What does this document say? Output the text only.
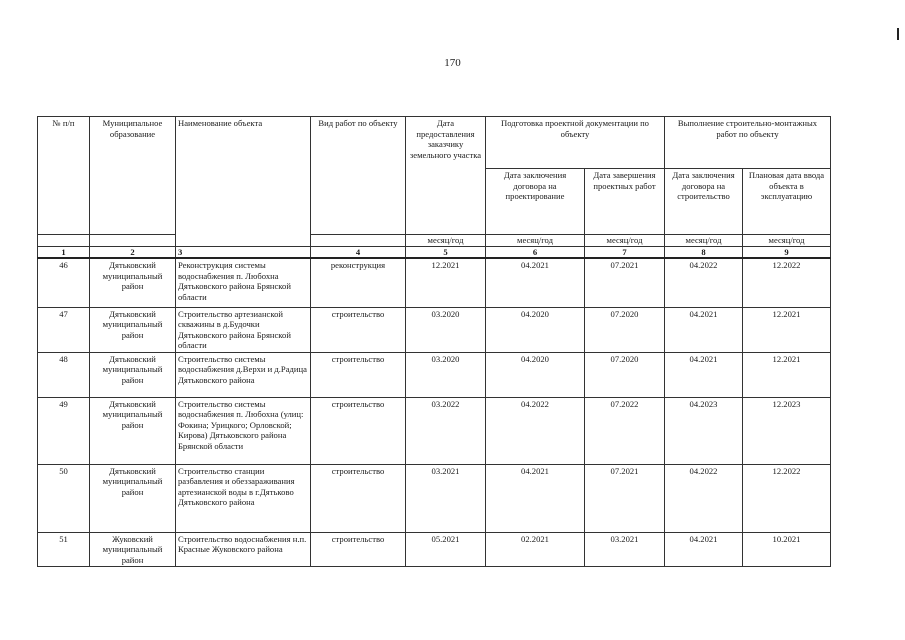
170
№ п/п	Муниципальное образование	Наименование объекта	Вид работ по объекту	Дата предоставления заказчику земельного участка	Подготовка проектной документации по объекту		Выполнение строительно-монтажных работ по объекту	
					Дата заключения договора на проектирование	Дата завершения проектных работ	Дата заключения договора на строительство	Плановая дата ввода объекта в эксплуатацию
				месяц/год	месяц/год	месяц/год	месяц/год	месяц/год
1	2	3	4	5	6	7	8	9
46	Дятьковский муниципальный район	Реконструкция системы водоснабжения п. Любохна Дятьковского района Брянской области	реконструкция	12.2021	04.2021	07.2021	04.2022	12.2022
47	Дятьковский муниципальный район	Строительство артезианской скважины в д.Будочки Дятьковского района Брянской области	строительство	03.2020	04.2020	07.2020	04.2021	12.2021
48	Дятьковский муниципальный район	Строительство системы водоснабжения д.Верхи и д.Радица Дятьковского района	строительство	03.2020	04.2020	07.2020	04.2021	12.2021
49	Дятьковский муниципальный район	Строительство системы водоснабжения п. Любохна (улиц: Фокина; Урицкого; Орловской; Кирова) Дятьковского района Брянской области	строительство	03.2022	04.2022	07.2022	04.2023	12.2023
50	Дятьковский муниципальный район	Строительство станции разбавления и обеззараживания артезианской воды в г.Дятьково Дятьковского района	строительство	03.2021	04.2021	07.2021	04.2022	12.2022
51	Жуковский муниципальный район	Строительство водоснабжения н.п. Красные Жуковского района	строительство	05.2021	02.2021	03.2021	04.2021	10.2021
